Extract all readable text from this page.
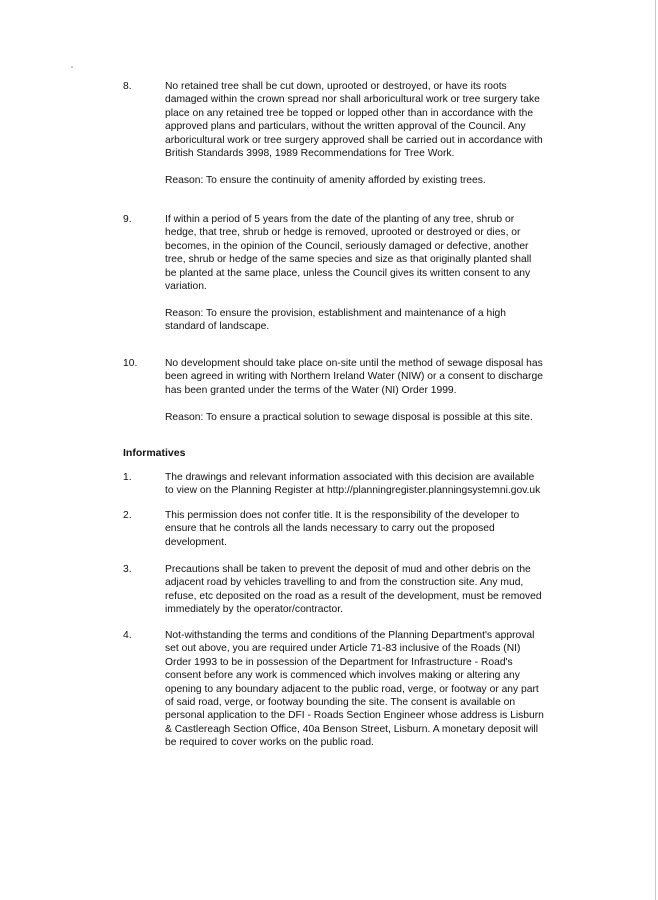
8.	No retained tree shall be cut down, uprooted or destroyed, or have its roots
damaged within the crown spread nor shall arboricultural work or tree surgery take
place on any retained tree be topped or lopped other than in accordance with the
approved plans and particulars, without the written approval of the Council. Any
arboricultural work or tree surgery approved shall be carried out in accordance with
British Standards 3998, 1989 Recommendations for Tree Work.

Reason: To ensure the continuity of amenity afforded by existing trees.

9.	If within a period of 5 years from the date of the planting of any tree, shrub or
hedge, that tree, shrub or hedge is removed, uprooted or destroyed or dies, or
becomes, in the opinion of the Council, seriously damaged or defective, another
tree, shrub or hedge of the same species and size as that originally planted shall
be planted at the same place, unless the Council gives its written consent to any
variation.

Reason: To ensure the provision, establishment and maintenance of a high
standard of landscape.

10.	No development should take place on-site until the method of sewage disposal has
been agreed in writing with Northern Ireland Water (NIW) or a consent to discharge
has been granted under the terms of the Water (NI) Order 1999.

Reason: To ensure a practical solution to sewage disposal is possible at this site.

Informatives
1.	The drawings and relevant information associated with this decision are available
to view on the Planning Register at http://planningregister.planningsystemni.gov.uk

2.	This permission does not confer title. It is the responsibility of the developer to
ensure that he controls all the lands necessary to carry out the proposed
development.

3.	Precautions shall be taken to prevent the deposit of mud and other debris on the
adjacent road by vehicles travelling to and from the construction site. Any mud,
refuse, etc deposited on the road as a result of the development, must be removed
immediately by the operator/contractor.

4.	Not-withstanding the terms and conditions of the Planning Department's approval
set out above, you are required under Article 71-83 inclusive of the Roads (NI)
Order 1993 to be in possession of the Department for Infrastructure - Road's
consent before any work is commenced which involves making or altering any
opening to any boundary adjacent to the public road, verge, or footway or any part
of said road, verge, or footway bounding the site. The consent is available on
personal application to the DFI - Roads Section Engineer whose address is Lisburn
& Castlereagh Section Office, 40a Benson Street, Lisburn. A monetary deposit will
be required to cover works on the public road.
